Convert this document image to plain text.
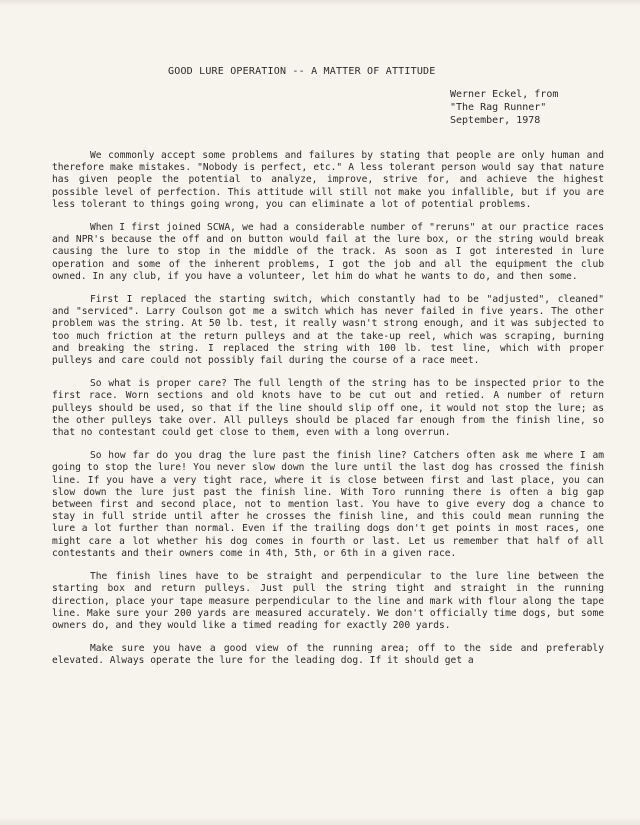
GOOD LURE OPERATION -- A MATTER OF ATTITUDE
Werner Eckel, from
"The Rag Runner"
September, 1978

We commonly accept some problems and failures by stating that people are only human and therefore make mistakes. "Nobody is perfect, etc." A less tolerant person would say that nature has given people the potential to analyze, improve, strive for, and achieve the highest possible level of perfection. This attitude will still not make you infallible, but if you are less tolerant to things going wrong, you can eliminate a lot of potential problems.

When I first joined SCWA, we had a considerable number of "reruns" at our practice races and NPR's because the off and on button would fail at the lure box, or the string would break causing the lure to stop in the middle of the track. As soon as I got interested in lure operation and some of the inherent problems, I got the job and all the equipment the club owned. In any club, if you have a volunteer, let him do what he wants to do, and then some.

First I replaced the starting switch, which constantly had to be "adjusted", cleaned" and "serviced". Larry Coulson got me a switch which has never failed in five years. The other problem was the string. At 50 lb. test, it really wasn't strong enough, and it was subjected to too much friction at the return pulleys and at the take-up reel, which was scraping, burning and breaking the string. I replaced the string with 100 lb. test line, which with proper pulleys and care could not possibly fail during the course of a race meet.

So what is proper care? The full length of the string has to be inspected prior to the first race. Worn sections and old knots have to be cut out and retied. A number of return pulleys should be used, so that if the line should slip off one, it would not stop the lure; as the other pulleys take over. All pulleys should be placed far enough from the finish line, so that no contestant could get close to them, even with a long overrun.

So how far do you drag the lure past the finish line? Catchers often ask me where I am going to stop the lure! You never slow down the lure until the last dog has crossed the finish line. If you have a very tight race, where it is close between first and last place, you can slow down the lure just past the finish line. With Toro running there is often a big gap between first and second place, not to mention last. You have to give every dog a chance to stay in full stride until after he crosses the finish line, and this could mean running the lure a lot further than normal. Even if the trailing dogs don't get points in most races, one might care a lot whether his dog comes in fourth or last. Let us remember that half of all contestants and their owners come in 4th, 5th, or 6th in a given race.

The finish lines have to be straight and perpendicular to the lure line between the starting box and return pulleys. Just pull the string tight and straight in the running direction, place your tape measure perpendicular to the line and mark with flour along the tape line. Make sure your 200 yards are measured accurately. We don't officially time dogs, but some owners do, and they would like a timed reading for exactly 200 yards.

Make sure you have a good view of the running area; off to the side and preferably elevated. Always operate the lure for the leading dog. If it should get a
